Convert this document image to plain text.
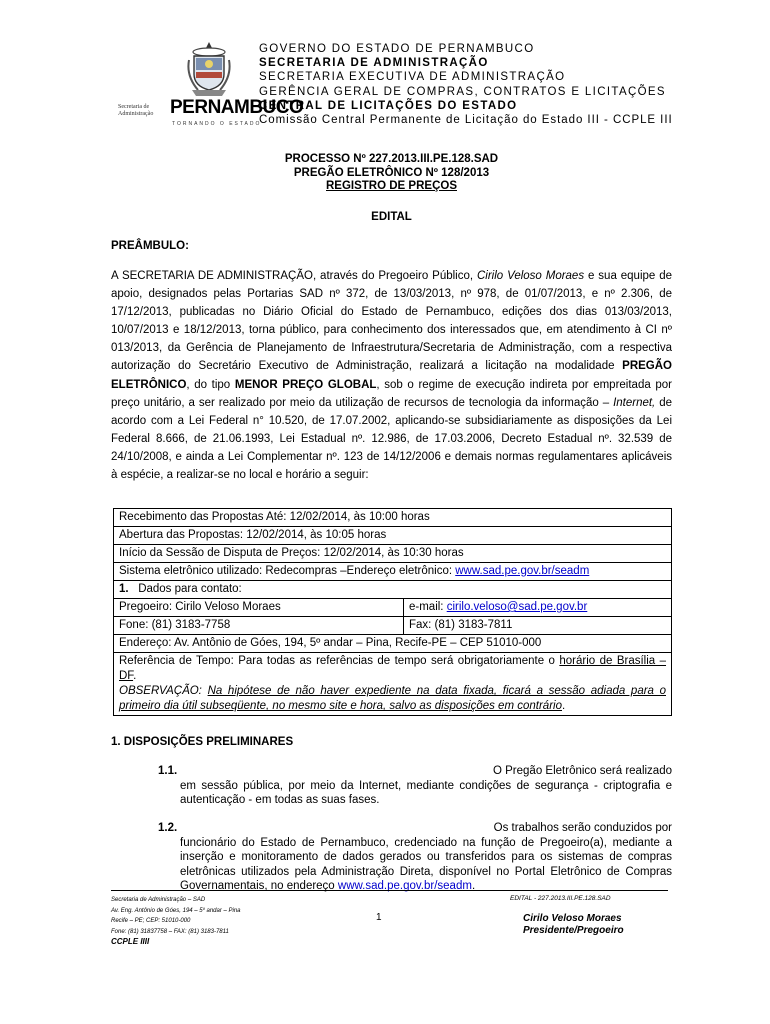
Secretaria de Administração PERNAMBUCO
TORNANDO O ESTADO
GOVERNO DO ESTADO DE PERNAMBUCO
SECRETARIA DE ADMINISTRAÇÃO
SECRETARIA EXECUTIVA DE ADMINISTRAÇÃO
GERÊNCIA GERAL DE COMPRAS, CONTRATOS E LICITAÇÕES
CENTRAL DE LICITAÇÕES DO ESTADO
Comissão Central Permanente de Licitação do Estado III - CCPLE III
PROCESSO Nº 227.2013.III.PE.128.SAD
PREGÃO ELETRÔNICO Nº 128/2013
REGISTRO DE PREÇOS
EDITAL
PREÂMBULO:
A SECRETARIA DE ADMINISTRAÇÃO, através do Pregoeiro Público, Cirilo Veloso Moraes e sua equipe de apoio, designados pelas Portarias SAD nº 372, de 13/03/2013, nº 978, de 01/07/2013, e nº 2.306, de 17/12/2013, publicadas no Diário Oficial do Estado de Pernambuco, edições dos dias 013/03/2013, 10/07/2013 e 18/12/2013, torna público, para conhecimento dos interessados que, em atendimento à CI nº 013/2013, da Gerência de Planejamento de Infraestrutura/Secretaria de Administração, com a respectiva autorização do Secretário Executivo de Administração, realizará a licitação na modalidade PREGÃO ELETRÔNICO, do tipo MENOR PREÇO GLOBAL, sob o regime de execução indireta por empreitada por preço unitário, a ser realizado por meio da utilização de recursos de tecnologia da informação – Internet, de acordo com a Lei Federal n° 10.520, de 17.07.2002, aplicando-se subsidiariamente as disposições da Lei Federal 8.666, de 21.06.1993, Lei Estadual nº. 12.986, de 17.03.2006, Decreto Estadual nº. 32.539 de 24/10/2008, e ainda a Lei Complementar nº. 123 de 14/12/2006 e demais normas regulamentares aplicáveis à espécie, a realizar-se no local e horário a seguir:
Recebimento das Propostas Até: 12/02/2014, às 10:00 horas	
Abertura das Propostas: 12/02/2014, às 10:05 horas	
Início da Sessão de Disputa de Preços: 12/02/2014, às 10:30 horas	
Sistema eletrônico utilizado: Redecompras –Endereço eletrônico: www.sad.pe.gov.br/seadm	
1. Dados para contato:	
Pregoeiro: Cirilo Veloso Moraes	e-mail: cirilo.veloso@sad.pe.gov.br
Fone: (81) 3183-7758	Fax: (81) 3183-7811
Endereço: Av. Antônio de Góes, 194, 5º andar – Pina, Recife-PE – CEP 51010-000	
Referência de Tempo: Para todas as referências de tempo será obrigatoriamente o horário de Brasília – DF.
OBSERVAÇÃO: Na hipótese de não haver expediente na data fixada, ficará a sessão adiada para o primeiro dia útil subseqüente, no mesmo site e hora, salvo as disposições em contrário.	
1. DISPOSIÇÕES PRELIMINARES
1.1.	O Pregão Eletrônico será realizado
em sessão pública, por meio da Internet, mediante condições de segurança - criptografia e autenticação - em todas as suas fases.
1.2.	Os trabalhos serão conduzidos por
funcionário do Estado de Pernambuco, credenciado na função de Pregoeiro(a), mediante a inserção e monitoramento de dados gerados ou transferidos para os sistemas de compras eletrônicas utilizados pela Administração Direta, disponível no Portal Eletrônico de Compras Governamentais, no endereço www.sad.pe.gov.br/seadm.
Secretaria de Administração – SAD
Av. Eng. Antônio de Góes, 194 – 5º andar – Pina
Recife – PE; CEP: 51010-000
Fone: (81) 31837758 – FAX: (81) 3183-7811
CCPLE IIII
EDITAL - 227.2013.III.PE.128.SAD
1	Cirilo Veloso Moraes
Presidente/Pregoeiro
